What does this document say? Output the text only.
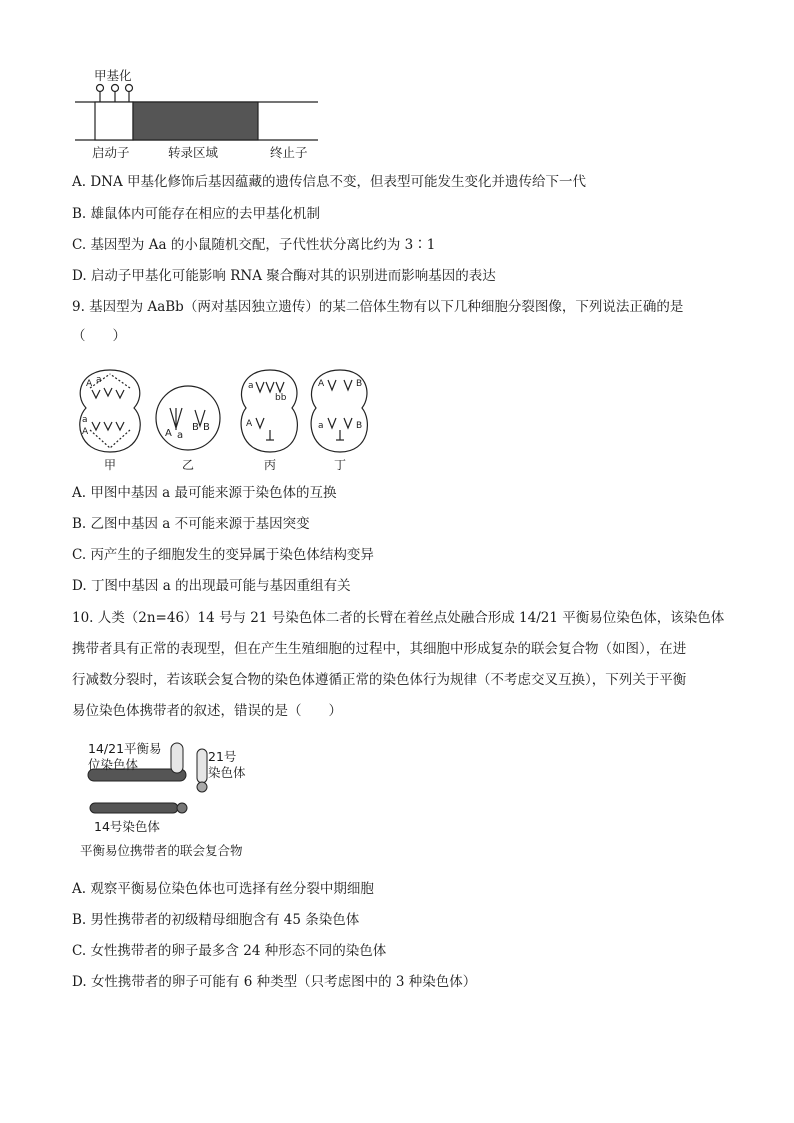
甲基化
启动子	转录区域	终止子
A. DNA 甲基化修饰后基因蕴藏的遗传信息不变，但表型可能发生变化并遗传给下一代
B. 雄鼠体内可能存在相应的去甲基化机制
C. 基因型为 Aa 的小鼠随机交配，子代性状分离比约为 3∶1
D. 启动子甲基化可能影响 RNA 聚合酶对其的识别进而影响基因的表达
9. 基因型为 AaBb（两对基因独立遗传）的某二倍体生物有以下几种细胞分裂图像，下列说法正确的是
（　　）
A a
a
A	A a
B B
a
bb
A
A	B
a	B
甲	乙	丙	丁
A. 甲图中基因 a 最可能来源于染色体的互换
B. 乙图中基因 a 不可能来源于基因突变
C. 丙产生的子细胞发生的变异属于染色体结构变异
D. 丁图中基因 a 的出现最可能与基因重组有关
10. 人类（2n=46）14 号与 21 号染色体二者的长臂在着丝点处融合形成 14/21 平衡易位染色体，该染色体
携带者具有正常的表现型，但在产生生殖细胞的过程中，其细胞中形成复杂的联会复合物（如图），在进
行减数分裂时，若该联会复合物的染色体遵循正常的染色体行为规律（不考虑交叉互换），下列关于平衡
易位染色体携带者的叙述，错误的是（　　）
14/21平衡易
位染色体
21号
染色体
14号染色体
平衡易位携带者的联会复合物
A. 观察平衡易位染色体也可选择有丝分裂中期细胞
B. 男性携带者的初级精母细胞含有 45 条染色体
C. 女性携带者的卵子最多含 24 种形态不同的染色体
D. 女性携带者的卵子可能有 6 种类型（只考虑图中的 3 种染色体）
